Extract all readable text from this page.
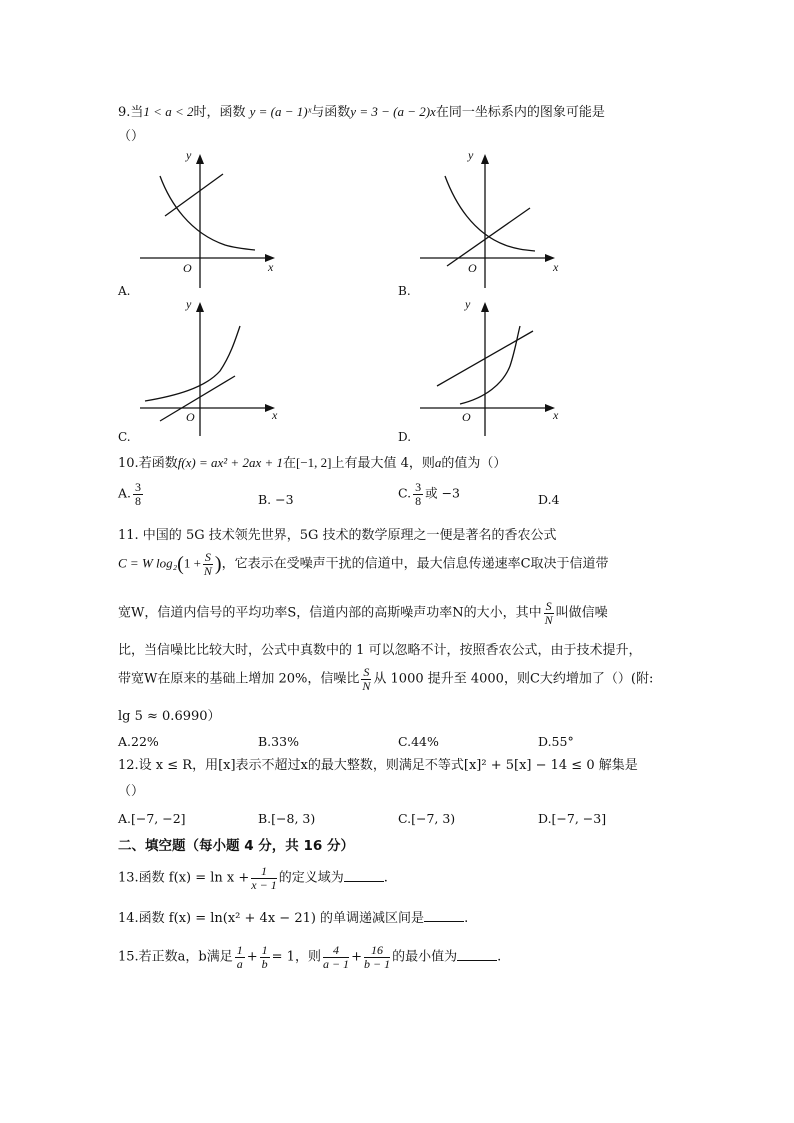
9.当1 < a < 2时，函数 y = (a − 1)ˣ与函数y = 3 − (a − 2)x在同一坐标系内的图象可能是
（）
y
x
O
A.
y
x
O
B.
y
x
O
C.
y
x
O
D.
10.若函数f(x) = ax² + 2ax + 1在[−1, 2]上有最大值 4，则a的值为（）
A. $\frac{3}{8}$	B. −3	C. $\frac{3}{8}$ 或 −3	D.4
11. 中国的 5G 技术领先世界，5G 技术的数学原理之一便是著名的香农公式
C = W $\log_2(1 + \frac{S}{N}$ )，它表示在受噪声干扰的信道中，最大信息传递速率C取决于信道带
宽W，信道内信号的平均功率S，信道内部的高斯噪声功率N的大小，其中 $\frac{S}{N}$ 叫做信噪
比，当信噪比比较大时，公式中真数中的 1 可以忽略不计，按照香农公式，由于技术提升，
带宽W在原来的基础上增加 20%，信噪比 $\frac{S}{N}$ 从 1000 提升至 4000，则C大约增加了（）(附:
lg 5 ≈ 0.6990）
A.22%	B.33%	C.44%	D.55°
12.设 x ≤ R，用[x]表示不超过x的最大整数，则满足不等式[x]² + 5[x] − 14 ≤ 0 解集是
（）
A.[−7, −2]	B.[−8, 3)	C.[−7, 3)	D.[−7, −3]
二、填空题（每小题 4 分，共 16 分）
13.函数 $f(x) = \ln x + \frac{1}{x - 1}$ 的定义域为	.
14.函数 f(x) = ln(x² + 4x − 21) 的单调递减区间是	.
15.若正数a，b满足 $\frac{1}{a} + \frac{1}{b} = 1$，则 $\frac{4}{a - 1} + \frac{16}{b - 1}$ 的最小值为	.
